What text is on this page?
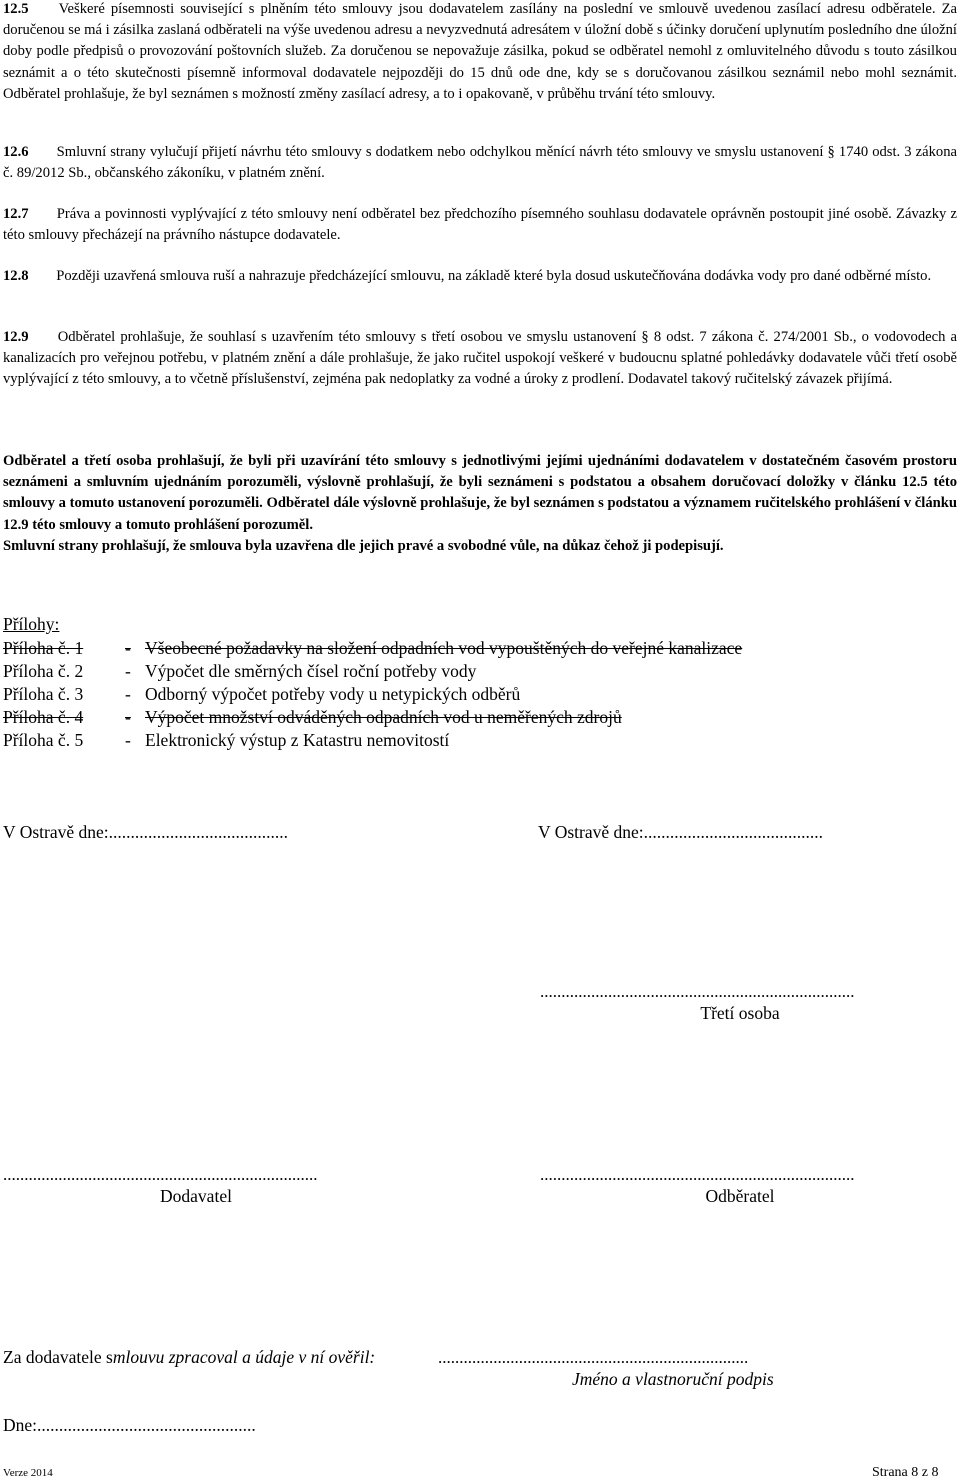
12.5 Veškeré písemnosti související s plněním této smlouvy jsou dodavatelem zasílány na poslední ve smlouvě uvedenou zasílací adresu odběratele. Za doručenou se má i zásilka zaslaná odběrateli na výše uvedenou adresu a nevyzvednutá adresátem v úložní době s účinky doručení uplynutím posledního dne úložní doby podle předpisů o provozování poštovních služeb. Za doručenou se nepovažuje zásilka, pokud se odběratel nemohl z omluvitelného důvodu s touto zásilkou seznámit a o této skutečnosti písemně informoval dodavatele nejpozději do 15 dnů ode dne, kdy se s doručovanou zásilkou seznámil nebo mohl seznámit. Odběratel prohlašuje, že byl seznámen s možností změny zasílací adresy, a to i opakovaně, v průběhu trvání této smlouvy.

12.6 Smluvní strany vylučují přijetí návrhu této smlouvy s dodatkem nebo odchylkou měnící návrh této smlouvy ve smyslu ustanovení § 1740 odst. 3 zákona č. 89/2012 Sb., občanského zákoníku, v platném znění.

12.7 Práva a povinnosti vyplývající z této smlouvy není odběratel bez předchozího písemného souhlasu dodavatele oprávněn postoupit jiné osobě. Závazky z této smlouvy přecházejí na právního nástupce dodavatele.

12.8 Později uzavřená smlouva ruší a nahrazuje předcházející smlouvu, na základě které byla dosud uskutečňována dodávka vody pro dané odběrné místo.

12.9 Odběratel prohlašuje, že souhlasí s uzavřením této smlouvy s třetí osobou ve smyslu ustanovení § 8 odst. 7 zákona č. 274/2001 Sb., o vodovodech a kanalizacích pro veřejnou potřebu, v platném znění a dále prohlašuje, že jako ručitel uspokojí veškeré v budoucnu splatné pohledávky dodavatele vůči třetí osobě vyplývající z této smlouvy, a to včetně příslušenství, zejména pak nedoplatky za vodné a úroky z prodlení. Dodavatel takový ručitelský závazek přijímá.

Odběratel a třetí osoba prohlašují, že byli při uzavírání této smlouvy s jednotlivými jejími ujednáními dodavatelem v dostatečném časovém prostoru seznámeni a smluvním ujednáním porozuměli, výslovně prohlašují, že byli seznámeni s podstatou a obsahem doručovací doložky v článku 12.5 této smlouvy a tomuto ustanovení porozuměli. Odběratel dále výslovně prohlašuje, že byl seznámen s podstatou a významem ručitelského prohlášení v článku 12.9 této smlouvy a tomuto prohlášení porozuměl.
Smluvní strany prohlašují, že smlouva byla uzavřena dle jejich pravé a svobodné vůle, na důkaz čehož ji podepisují.

Přílohy:
Příloha č. 1 - Všeobecné požadavky na složení odpadních vod vypouštěných do veřejné kanalizace
Příloha č. 2 - Výpočet dle směrných čísel roční potřeby vody
Příloha č. 3 - Odborný výpočet potřeby vody u netypických odběrů
Příloha č. 4 - Výpočet množství odváděných odpadních vod u neměřených zdrojů
Příloha č. 5 - Elektronický výstup z Katastru nemovitostí
V Ostravě dne:.........................................	V Ostravě dne:.........................................
..........................................................................
Třetí osoba
..........................................................................
Dodavatel
..........................................................................
Odběratel
Za dodavatele smlouvu zpracoval a údaje v ní ověřil:	.........................................................................
Jméno a vlastnoruční podpis
Dne:..................................................
Verze 2014	Strana 8 z 8
